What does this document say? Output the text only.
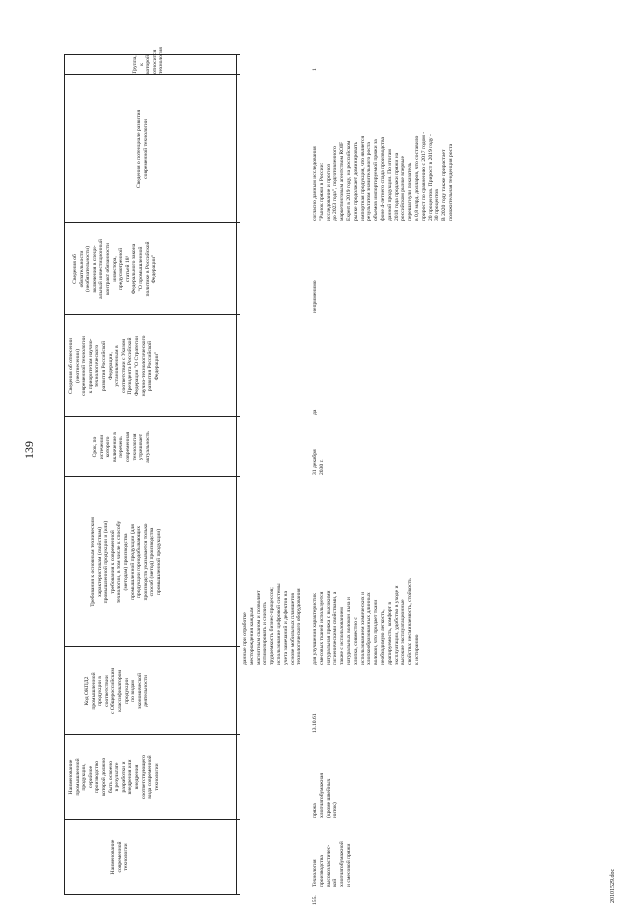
139
Наименование современной технологии
Наименование промышленной продукции, серийное производство которой должно быть освоено в результате разработки и внедрения или внедрения соответствующего вида современной технологии
Код ОКПД2 промышленной продукции в соответствии с Общероссийским классификатором продукции по видам экономической деятельности
Требования к основным техническим характеристикам (свойствам) промышленной продукции и (или) требования к современной технологии, в том числе к способу (методам) производства промышленной продукции (для продукции горнодобывающих производств указывается только способ (метод) производства промышленной продукции)
Срок, по истечении которого включение в перечень современная технология утрачивает актуальность
Сведения об отнесении (неотнесении) современной технологии к приоритетам научно- технологического развития Российской Федерации, установленным в соответствии с Указом Президента Российской Федерации "О Стратегии научно-технологического развития Российской Федерации"
Сведения об обязательности (необязательности) включения в специ- альный инвестиционный контракт обязанности инвестора, предусмотренной статьей 18¹ Федерального закона "О промышленной политике в Российской Федерации"
Сведения о потенциале развития современной технологии
Группа, к которой относится технология
данные при отработке месторождения каждым магнитным сканом и позволяет оптимизировать и снизить трудоемкость бизнес-процессов; использование цифровой системы учета замечаний и дефектов на основе мобильных планшетов технологического оборудования
155.
Технология производства высокоэластичес- кой хлопчатобумажной и смесовой пряжи
пряжа хлопчатобумажная (кроме швейных ниток)
13.10.61
для улучшения характеристик смесовых тканей используется натуральная пряжа с высокими гигиеническими свойствами, а также с использованием натуральных волокон льна и хлопка, совместно с использованием химических и хлопкообразованных длинных волокон, что придает ткани необходимую легкость, драпируемость, комфорт в эксплуатации, удобство в уходе и высокие эксплуатационные свойства: несминаемость, стойкость к истиранию
31 декабря 2030 г.
да
неприменимо
согласно данным исследования "Рынок пряжи в России: исследование и прогноз до 2023 года", подготовленного маркетинговым агентством ROIF Expert в 2019 году, на российском рынке продолжает доминировать импортная продукция, что является результатом значительного роста объемов импортируемой пряжи за фоне 4-летнего спада производства данной продукции. По итогам 2018 года продажи пряжи на российском рынке впервые перешагнули показатель в 0,8 млрд. долларов, что составило прирост по сравнению с 2017 годом - 20 процентов. Прирост в 2019 году - 30 процентов В 2020 году также прирастает положительная тенденция роста
1
20101529.doc
